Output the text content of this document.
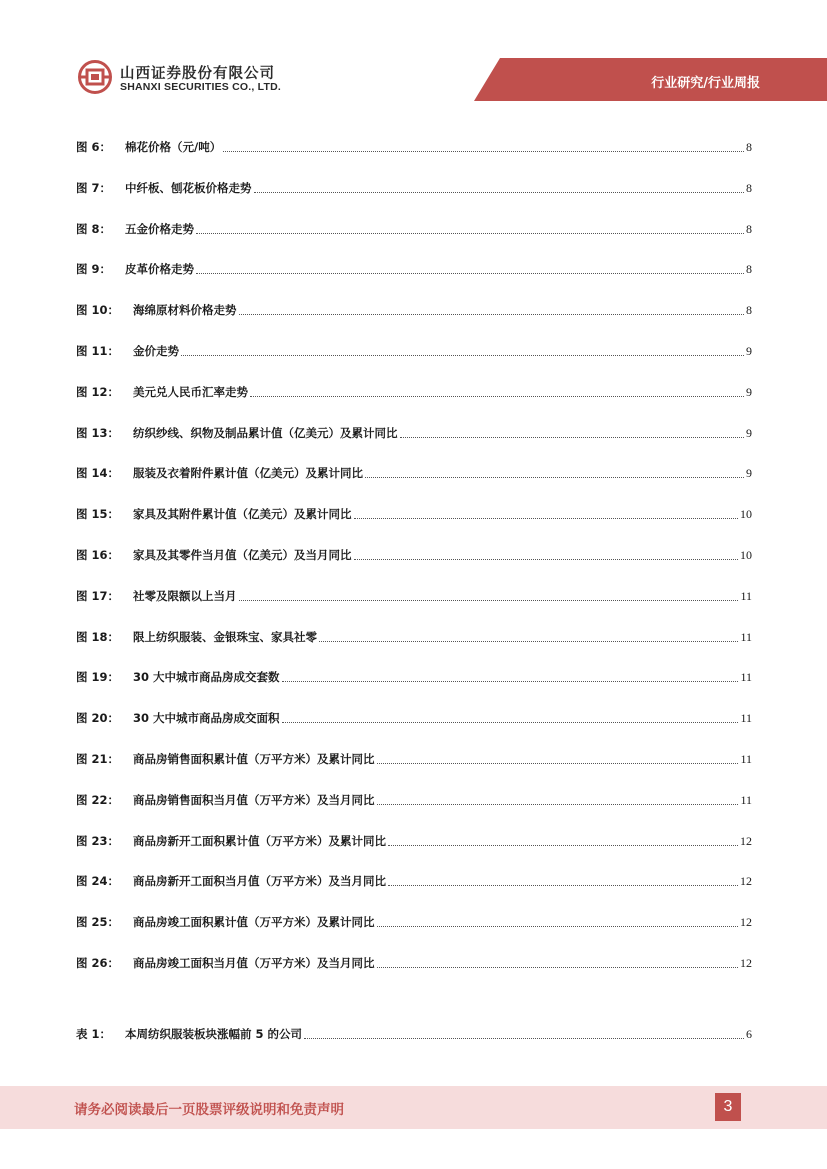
山西证券股份有限公司
SHANXI SECURITIES CO., LTD.	行业研究/行业周报
图 6： 棉花价格（元/吨）	8
图 7： 中纤板、刨花板价格走势	8
图 8： 五金价格走势	8
图 9： 皮革价格走势	8
图 10： 海绵原材料价格走势	8
图 11： 金价走势	9
图 12： 美元兑人民币汇率走势	9
图 13： 纺织纱线、织物及制品累计值（亿美元）及累计同比	9
图 14： 服装及衣着附件累计值（亿美元）及累计同比	9
图 15： 家具及其附件累计值（亿美元）及累计同比	10
图 16： 家具及其零件当月值（亿美元）及当月同比	10
图 17： 社零及限额以上当月	11
图 18： 限上纺织服装、金银珠宝、家具社零	11
图 19： 30 大中城市商品房成交套数	11
图 20： 30 大中城市商品房成交面积	11
图 21： 商品房销售面积累计值（万平方米）及累计同比	11
图 22： 商品房销售面积当月值（万平方米）及当月同比	11
图 23： 商品房新开工面积累计值（万平方米）及累计同比	12
图 24： 商品房新开工面积当月值（万平方米）及当月同比	12
图 25： 商品房竣工面积累计值（万平方米）及累计同比	12
图 26： 商品房竣工面积当月值（万平方米）及当月同比	12
表 1： 本周纺织服装板块涨幅前 5 的公司	6
请务必阅读最后一页股票评级说明和免责声明	3
